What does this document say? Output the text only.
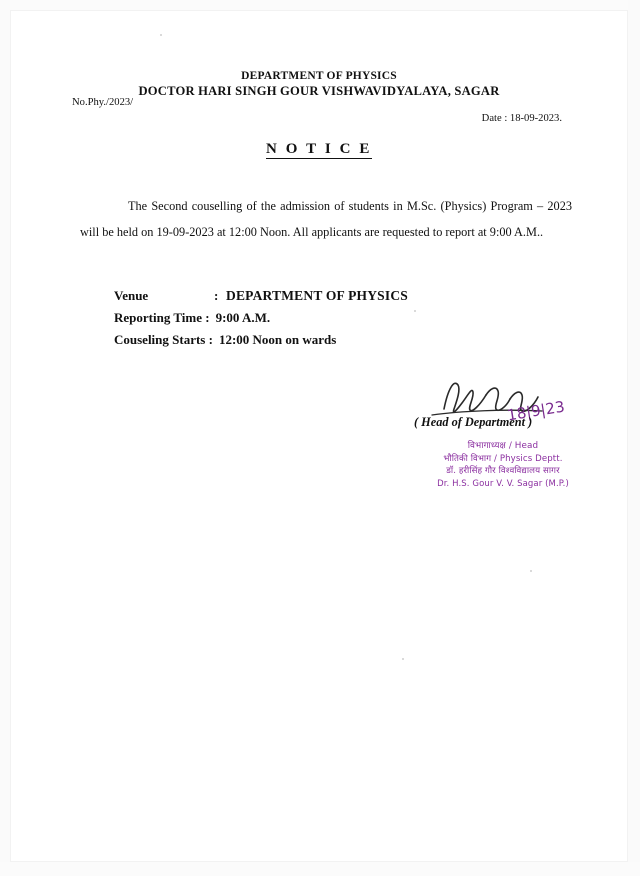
DEPARTMENT OF PHYSICS
DOCTOR HARI SINGH GOUR VISHWAVIDYALAYA, SAGAR
No.Phy./2023/
Date : 18-09-2023.
N O T I C E
The Second couselling of the admission of students in M.Sc. (Physics) Program – 2023 will be held on 19-09-2023 at 12:00 Noon. All applicants are requested to report at 9:00 A.M..
Venue	: DEPARTMENT OF PHYSICS
Reporting Time : 9:00 A.M.
Couseling Starts : 12:00 Noon on wards
18|9|23
( Head of Department )
विभागाध्यक्ष / Head
भौतिकी विभाग / Physics Deptt.
डॉ. हरीसिंह गौर विश्वविद्यालय सागर
Dr. H.S. Gour V. V. Sagar (M.P.)
